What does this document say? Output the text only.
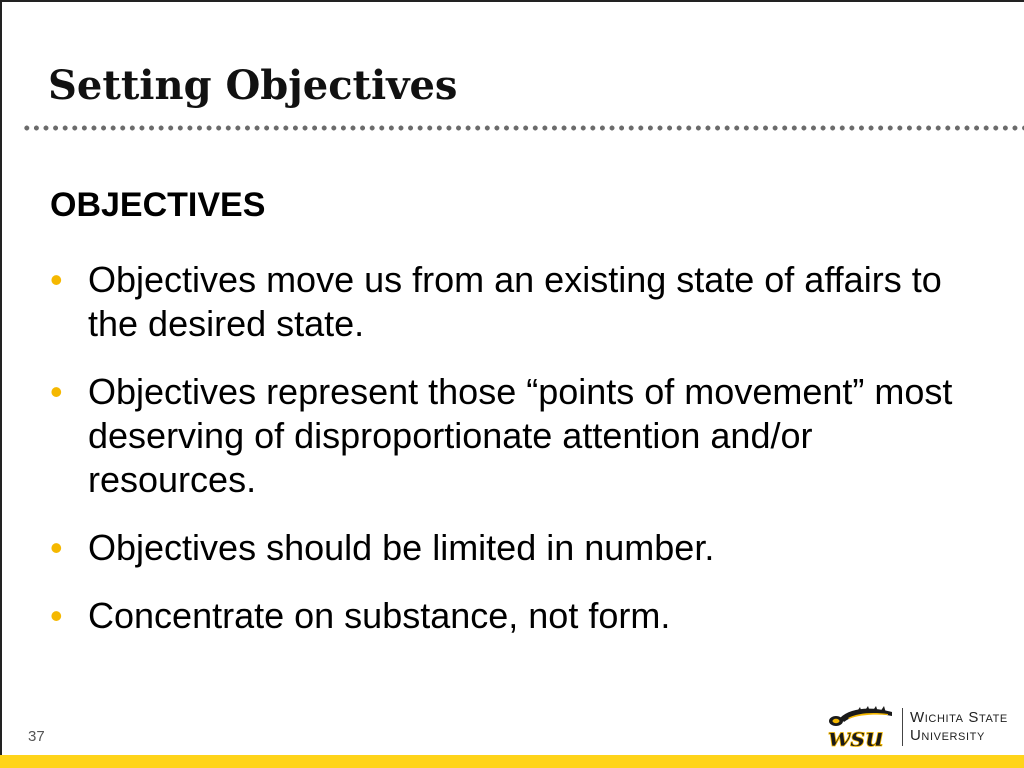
Setting Objectives
OBJECTIVES
• Objectives move us from an existing state of affairs to the desired state.
• Objectives represent those “points of movement” most deserving of disproportionate attention and/or resources.
• Objectives should be limited in number.
• Concentrate on substance, not form.
37	wsu
Wichita State
University
